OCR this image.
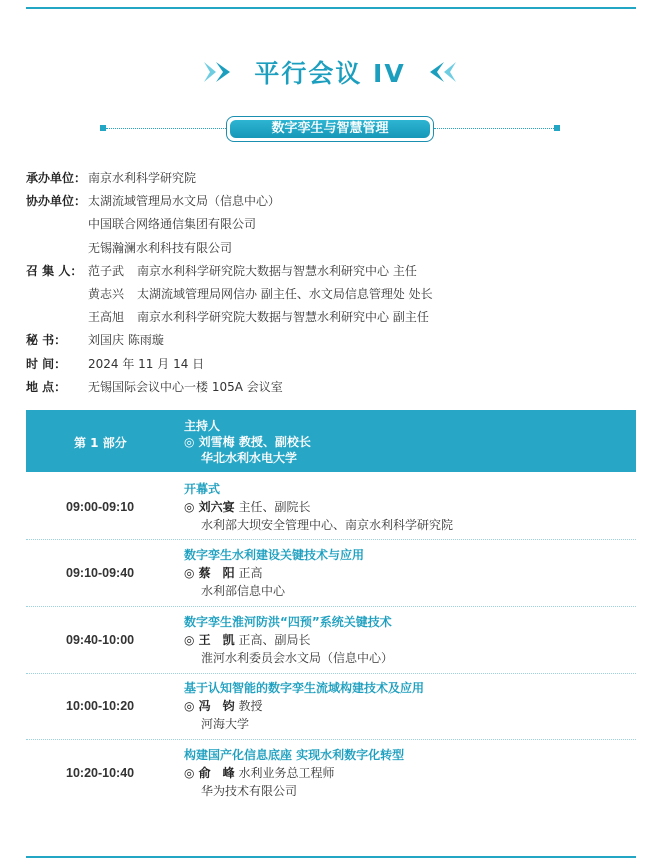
平行会议 IV
数字孪生与智慧管理
承办单位： 南京水利科学研究院
协办单位： 太湖流域管理局水文局（信息中心）
中国联合网络通信集团有限公司
无锡瀚澜水利科技有限公司
召 集 人： 范子武 南京水利科学研究院大数据与智慧水利研究中心 主任
黄志兴 太湖流域管理局网信办 副主任、水文局信息管理处 处长
王高旭 南京水利科学研究院大数据与智慧水利研究中心 副主任
秘 书：	刘国庆 陈雨璇
时 间：	2024 年 11 月 14 日
地 点：	无锡国际会议中心一楼 105A 会议室
第 1 部分
主持人
◎ 刘雪梅 教授、副校长
华北水利水电大学
09:00-09:10
开幕式
◎ 刘六宴 主任、副院长
水利部大坝安全管理中心、南京水利科学研究院
09:10-09:40
数字孪生水利建设关键技术与应用
◎ 蔡　阳 正高
水利部信息中心
09:40-10:00
数字孪生淮河防洪“四预”系统关键技术
◎ 王　凯 正高、副局长
淮河水利委员会水文局（信息中心）
10:00-10:20
基于认知智能的数字孪生流域构建技术及应用
◎ 冯　钧 教授
河海大学
10:20-10:40
构建国产化信息底座 实现水利数字化转型
◎ 俞　峰 水利业务总工程师
华为技术有限公司
